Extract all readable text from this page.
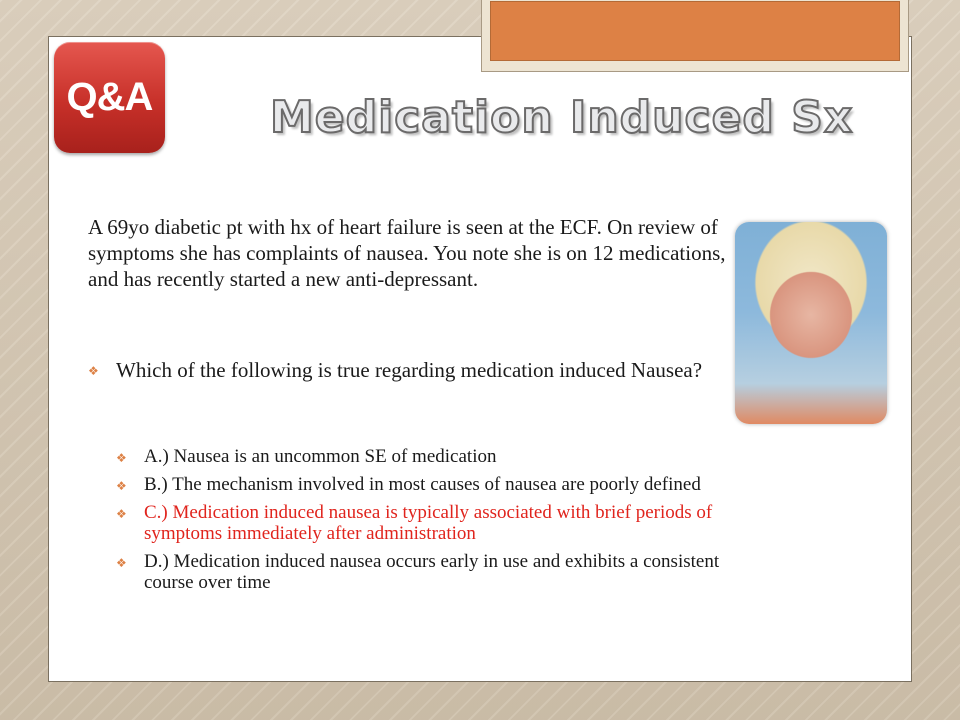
Q&A	Medication Induced Sx

A 69yo diabetic pt with hx of heart failure is seen at the ECF. On review of symptoms she has complaints of nausea. You note she is on 12 medications, and has recently started a new anti-depressant.

❖ Which of the following is true regarding medication induced Nausea?
❖ A.) Nausea is an uncommon SE of medication
❖ B.) The mechanism involved in most causes of nausea are poorly defined
❖ C.) Medication induced nausea is typically associated with brief periods of symptoms immediately after administration
❖ D.) Medication induced nausea occurs early in use and exhibits a consistent course over time
